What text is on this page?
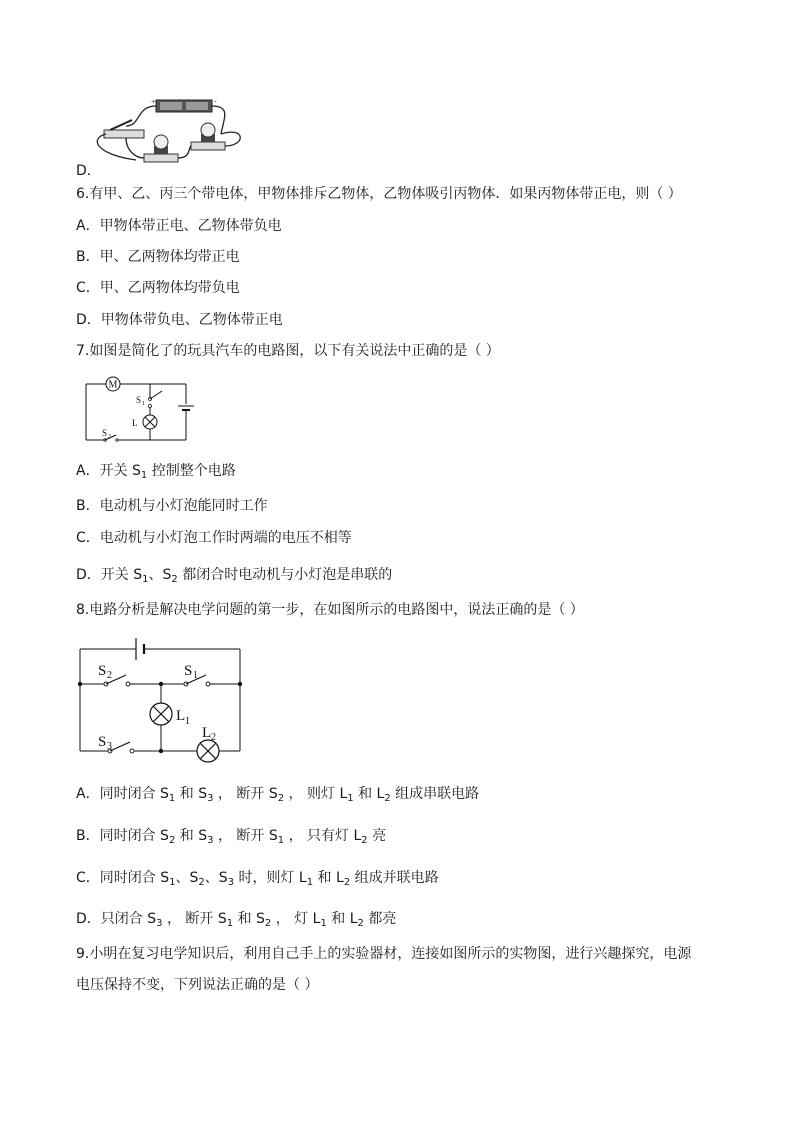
+	-
D．
6.有甲、乙、丙三个带电体，甲物体排斥乙物体，乙物体吸引丙物体．如果丙物体带正电，则（ ）
A．甲物体带正电、乙物体带负电
B．甲、乙两物体均带正电
C．甲、乙两物体均带负电
D．甲物体带负电、乙物体带正电
7.如图是简化了的玩具汽车的电路图，以下有关说法中正确的是（ ）
M
S 1
L
S 2
A．开关 $S_1$ 控制整个电路
B．电动机与小灯泡能同时工作
C．电动机与小灯泡工作时两端的电压不相等
D．开关 $S_1$、$S_2$ 都闭合时电动机与小灯泡是串联的
8.电路分析是解决电学问题的第一步，在如图所示的电路图中，说法正确的是（ ）
S 2	S 1
L 1
S 3
L 2
A．同时闭合 $S_1$ 和 $S_3$ ， 断开 $S_2$ ， 则灯 $L_1$ 和 $L_2$ 组成串联电路
B．同时闭合 $S_2$ 和 $S_3$ ， 断开 $S_1$ ， 只有灯 $L_2$ 亮
C．同时闭合 $S_1$、$S_2$、$S_3$ 时，则灯 $L_1$ 和 $L_2$ 组成并联电路
D．只闭合 $S_3$ ， 断开 $S_1$ 和 $S_2$ ， 灯 $L_1$ 和 $L_2$ 都亮
9.小明在复习电学知识后，利用自己手上的实验器材，连接如图所示的实物图，进行兴趣探究，电源
电压保持不变，下列说法正确的是（ ）
